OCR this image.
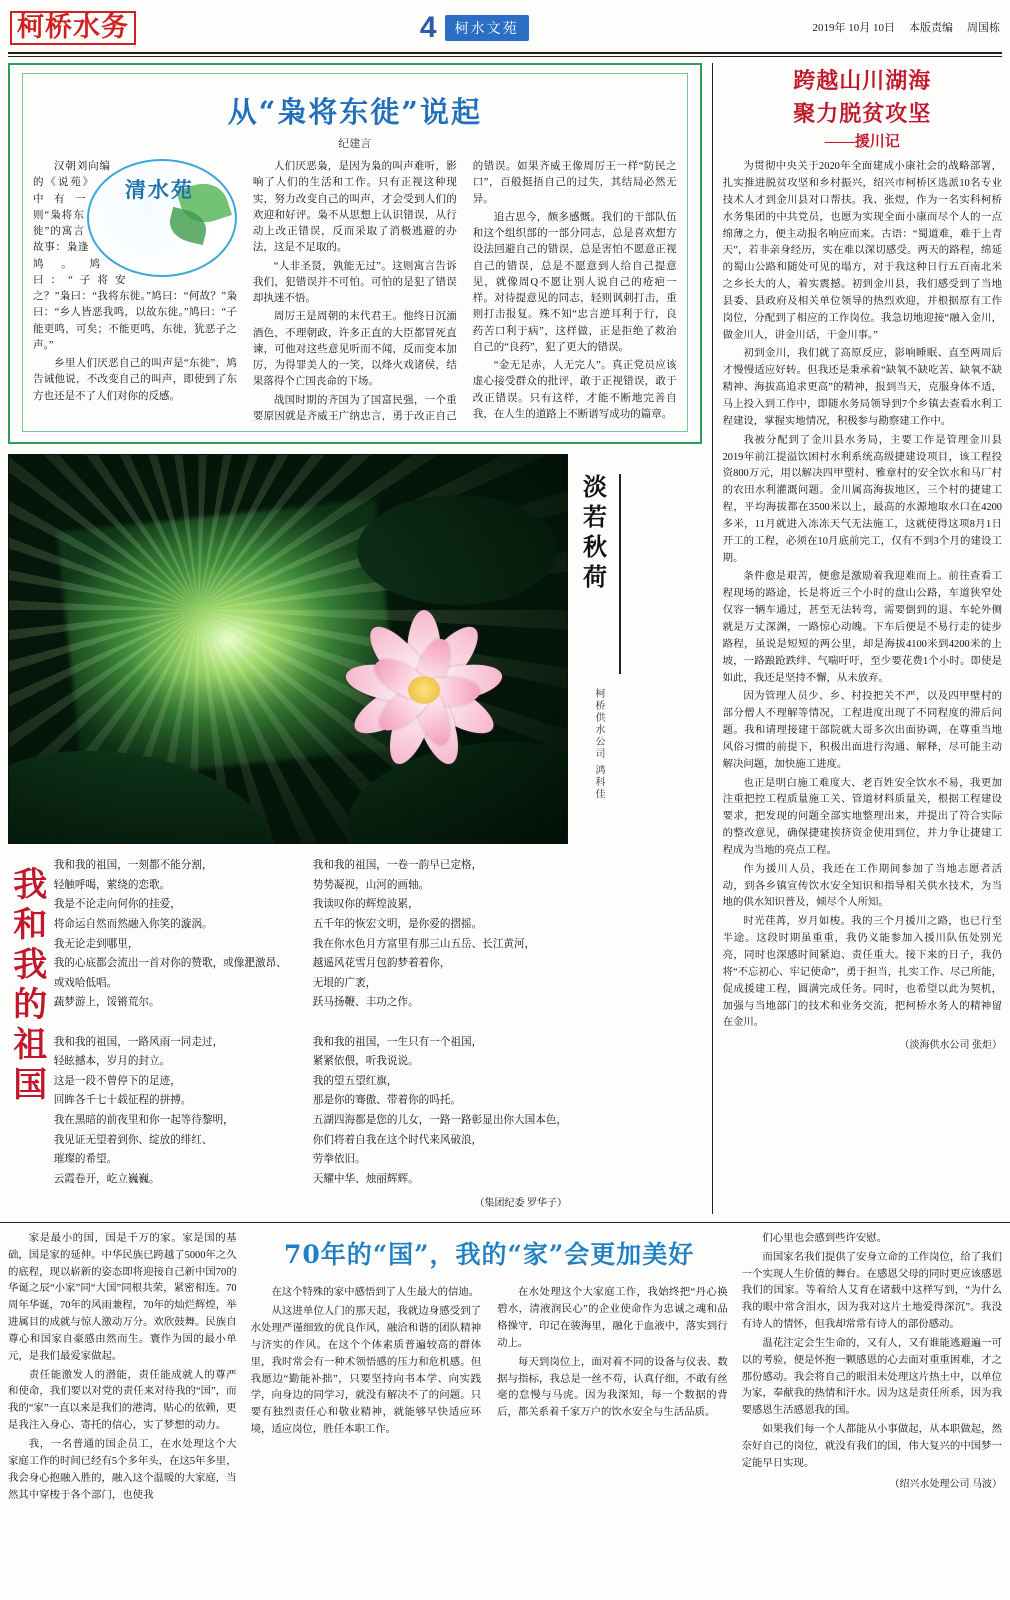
柯桥水务	4	柯水文苑	2019年 10月 10日 本版责编 周国栋
从“枭将东徙”说起
纪建言
清水苑

汉朝刘向编的《说苑》中有一则“枭将东徙”的寓言故事：枭逢鸠。鸠曰：“子将安之？”枭曰：“我将东徙。”鸠曰：“何故？”枭曰：“乡人皆恶我鸣，以故东徙。”鸠曰：“子能更鸣，可矣；不能更鸣，东徙，犹恶子之声。”

乡里人们厌恶自己的叫声是“东徙”，鸠告诫他说，不改变自己的叫声，即使到了东方也还是不了人们对你的反感。

人们厌恶枭，是因为枭的叫声难听，影响了人们的生活和工作。只有正视这种现实，努力改变自己的叫声，才会受到人们的欢迎和好评。枭不从思想上认识错误，从行动上改正错误，反而采取了消极逃避的办法，这是不足取的。

“人非圣贤，孰能无过”。这则寓言告诉我们，犯错误并不可怕。可怕的是犯了错误却执迷不悟。

周厉王是周朝的末代君王。他终日沉湎酒色，不理朝政，许多正直的大臣都冒死直谏，可他对这些意见听而不闻，反而变本加厉，为得罪美人的一笑，以烽火戏诸侯，结果落得个亡国丧命的下场。

战国时期的齐国为了国富民强，一个重要原因就是齐威王广纳忠言，勇于改正自己的错误。如果齐威王像周厉王一样“防民之口”，百般挺捂自己的过失，其结局必然无异。

追古思今，颇多感慨。我们的干部队伍和这个组织部的一部分同志，总是喜欢想方设法回避自己的错误，总是害怕不愿意正视自己的错误，总是不愿意到人给自己提意见，就像周Q不愿让别人说自己的疮疤一样。对待提意见的同志，轻则讽刺打击，重则打击报复。殊不知“忠言逆耳利于行，良药苦口利于病”，这样做，正是拒绝了救治自己的“良药”，犯了更大的错误。

“金无足赤，人无完人”。真正党员应该虚心接受群众的批评，敢于正视错误，敢于改正错误。只有这样，才能不断地完善自我，在人生的道路上不断谱写成功的篇章。

淡若秋荷
柯桥供水公司 鸿科佳
我和我的祖国

我和我的祖国，一刻都不能分割，

轻触呼喝，萦绕的恋歌。

我是不论走向何你的挂爱，

将命运自然而然融入你笑的漩涡。

我无论走到哪里，

我的心底都会流出一首对你的赞歌，或像淝激昂、

或戏哈低唱。

蔬梦游上，馁锵荒尔。

我和我的祖国，一路风雨一同走过，

轻眩撼本，岁月的封立。

这是一段不曾停下的足迹，

回眸各千七十载征程的拼搏。

我在黑暗的前夜里和你一起等待黎明，

我见证无望着到你、绽放的绯红、

璀璨的希望。

云霞卷开，屹立巍巍。

我和我的祖国，一卷一韵早已定格，

势势凝视，山河的画轴。

我读叹你的辉煌波累，

五千年的恢宏文明，是你爱的摺摇。

我在你水色月方富里有那三山五岳、长江黄河，

越遥风花雪月包韵梦着着你，

无垠的广袤，

跃马扬鞭、丰功之作。

我和我的祖国，一生只有一个祖国，

紧紧依偎，听我说说。

我的望五望红旗，

那是你的骞傲、带着你的吗托。

五湖四海都是您的儿女，一路一路彰显出你大国本色，

你们将着自我在这个时代来风破浪，

劳拳依旧。

天耀中华、烛丽辉辉。

（集团纪委 罗华子）
跨越山川湖海
聚力脱贫攻坚
——援川记

为贯彻中央关于2020年全面建成小康社会的战略部署，扎实推进脱贫攻坚和乡村振兴，绍兴市柯桥区选派10名专业技术人才到金川县对口帮扶。我、张煜，作为一名实科柯桥水务集团的中共党员，也愿为实现全面小康而尽个人的一点绵薄之力，便主动报名响应而来。古语：“蜀道难，难于上青天”，若非亲身经历，实在难以深切感受。两天的路程，绵延的蜀山公路和随处可见的塌方，对于我这种日行五百南北米之乡长大的人，着实震撼。初到金川县，我们感受到了当地县委、县政府及相关单位领导的热烈欢迎，并根据原有工作岗位，分配到了相应的工作岗位。我急切地迎接“融入金川，做金川人，讲金川话，干金川事。”

初到金川，我们就了高原反应，影响睡眠、直至两周后才慢慢适应好转。但我还是秉承着“缺氧不缺吃苦、缺氧不缺精神、海拔高追求更高”的精神，报到当天，克服身体不适，马上投入到工作中，即随水务局领导到7个乡镇去查看水利工程建设，掌握实地情况，积极参与勘察建工作中。

我被分配到了金川县水务局，主要工作是管理金川县2019年前江提溢饮困村水利系统高级捷建设项目，该工程投资800万元，用以解决四甲塑村、雅章村的安全饮水和马厂村的农田水利灌溉问题。金川属高海拔地区，三个村的捷建工程，平均海拔都在3500米以上，最高的水源地取水口在4200多米，11月就进入冻冻天气无法施工，这就使得这项8月1日开工的工程，必须在10月底前完工，仅有不到3个月的建设工期。

条件愈是艰苦，便愈是激励着我迎难而上。前往查看工程现场的路途，长是将近三个小时的盘山公路，车道狭窄处仅容一辆车通过，甚至无法转弯，需要倒到的退、车轮外侧就是万丈深渊，一路惊心动魄。下车后便是不易行走的徒步路程，虽说是短短的两公里，却是海拔4100米到4200米的上坡，一路踉跄跌绊、气喘吁吁，至少要花费1个小时。即使是如此，我还是坚持不懈，从未放弃。

因为管理人员少、乡、村投把关不严，以及四甲壁村的部分僧人不理解等情况，工程进度出现了不同程度的滞后问题。我和请理接建干部院就大哥多次出面协调，在尊重当地风俗习惯的前提下，积极出面进行沟通、解释，尽可能主动解决问题，加快施工进度。

也正是明白施工难度大、老百姓安全饮水不易，我更加注重把控工程质量施工关、管道材料质量关，根据工程建设要求，把发现的问题全部实地整理出来，并提出了符合实际的整改意见，确保捷建挨挤资金使用到位，并力争让捷建工程成为当地的亮点工程。

作为援川人员，我还在工作期间参加了当地志愿者活动，到各乡镇宣传饮水安全知识和指导相关供水技术，为当地的供水知识普及，倾尽个人所知。

时光荏苒，岁月如梭。我的三个月援川之路，也已行至半途。这段时期虽重重，我仍义能参加入援川队伍处别光亮，同时也深感时间紧迫、责任重大。接下来的日子，我仍将“不忘初心、牢记使命”，勇于担当，扎实工作、尽己所能，促成援建工程，圆满完成任务。同时，也希望以此为契机，加强与当地部门的技术和业务交流，把柯桥水务人的精神留在金川。

（淡海供水公司 张炬）

家是最小的国，国是千万的家。家是国的基础，国是家的延伸。中华民族已跨越了5000年之久的底程，现以崭新的姿态即将迎接自己新中国70的华诞之辰“小家”同“大国”同根共荣，紧密相连。70周年华诞，70年的风雨兼程，70年的灿烂辉煌，举进属目的成就与惊人激动万分。欢欣鼓舞。民族自尊心和国家自豪感由然而生。寰作为国的最小单元，是我们最爱家做起。

责任能激发人的潜能，责任能成就人的尊严和使命，我们要以对党的责任来对待我的“国”，而我的“家”一直以来是我们的港湾，贴心的依赖，更是我注入身心、寄托的信心，实了梦想的动力。

我，一名普通的国企员工，在水处理这个大家庭工作的时间已经有5个多年头，在这5年多里，我会身心抱融入胜的，融入这个温暖的大家庭，当然其中穿梭于各个部门，也使我

70年的“国”，我的“家”会更加美好

在这个特殊的家中感悟到了人生最大的信迪。

从这进单位人门的那天起，我就边身感受到了水处理严谨细致的优良作风，融洽和谐的团队精神与济实的作风。在这个个体素质普遍较高的群体里，我时常会有一种术领悟感的压力和危机感。但我愿边“勤能补拙”，只要坚持向书本学、向实践学，向身边的同学习，就没有解决不了的问题。只要有独烈责任心和敬业精神，就能够早快适应环境，适应岗位，胜任本职工作。

在水处理这个大家庭工作，我始终把“丹心换碧水，清液润民心”的企业使命作为忠诚之魂和品格操守，印记在骏海里，融化于血液中，落实到行动上。

每天到岗位上，面对着不同的设备与仪表、数据与指标，我总是一丝不苟，认真仔细，不敢有丝毫的怠慢与马虎。因为我深知，每一个数据的背后，都关系着千家万户的饮水安全与生活品质。

们心里也会感到些许安慰。

而国家名我们提供了安身立命的工作岗位，给了我们一个实现人生价值的舞台。在感恩父母的同时更应该感恩我们的国家。等着给人艾育在诸载中这样写到，“为什么我的眼中常含泪水，因为我对这片土地爱得深沉”。我没有诗人的情怀，但我却常常有诗人的部份感动。

温花注定会生生命的，又有人，又有谁能逃避遍一可以的考验，便是怀抱一颗感恩的心去面对重重困难，才之那份感动。我会将自己的眼泪未处理这片热土中，以单位为家，奉献我的热情和汗水。因为这是责任所系，因为我要感恩生活感恩我的国。

如果我们每一个人都能从小事做起，从本职做起，然奈好自己的岗位，就没有我们的国，伟大复兴的中国梦一定能早日实现。

（绍兴水处理公司 马波）
